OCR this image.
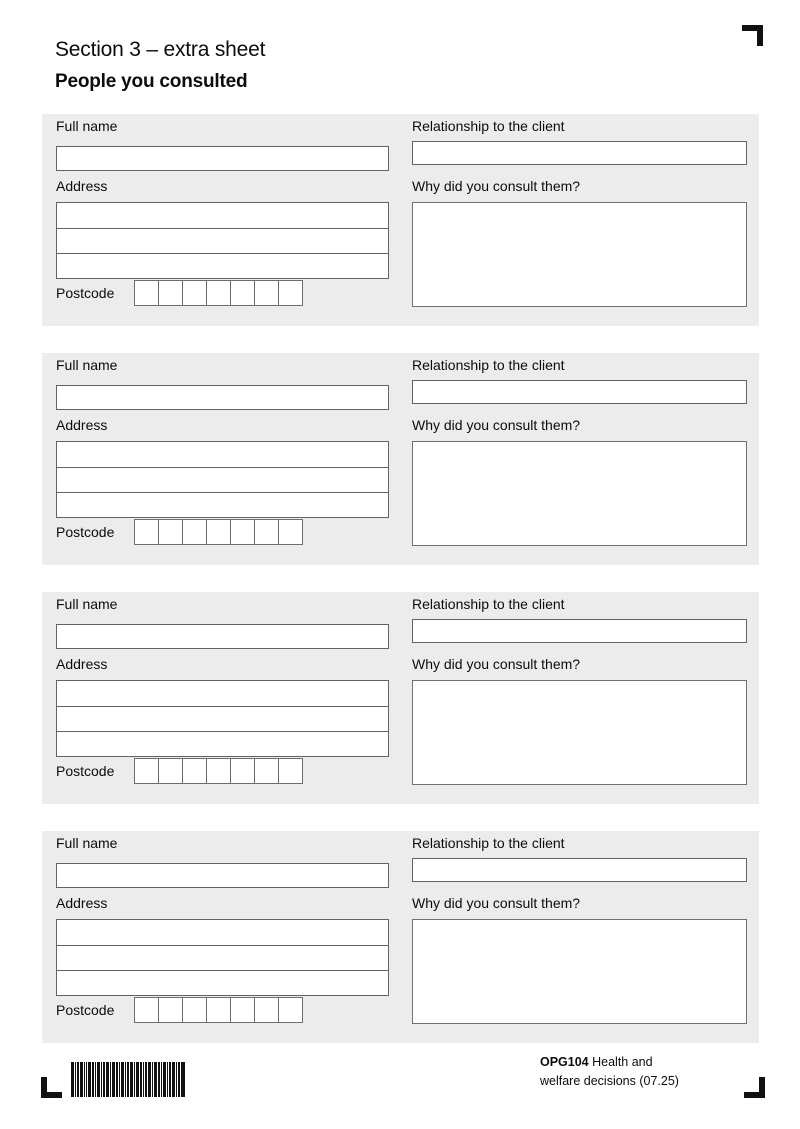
Section 3 – extra sheet
People you consulted
Full name
Address
Postcode
Relationship to the client
Why did you consult them?
Full name
Address
Postcode
Relationship to the client
Why did you consult them?
Full name
Address
Postcode
Relationship to the client
Why did you consult them?
Full name
Address
Postcode
Relationship to the client
Why did you consult them?
OPG104 Health and
welfare decisions (07.25)
